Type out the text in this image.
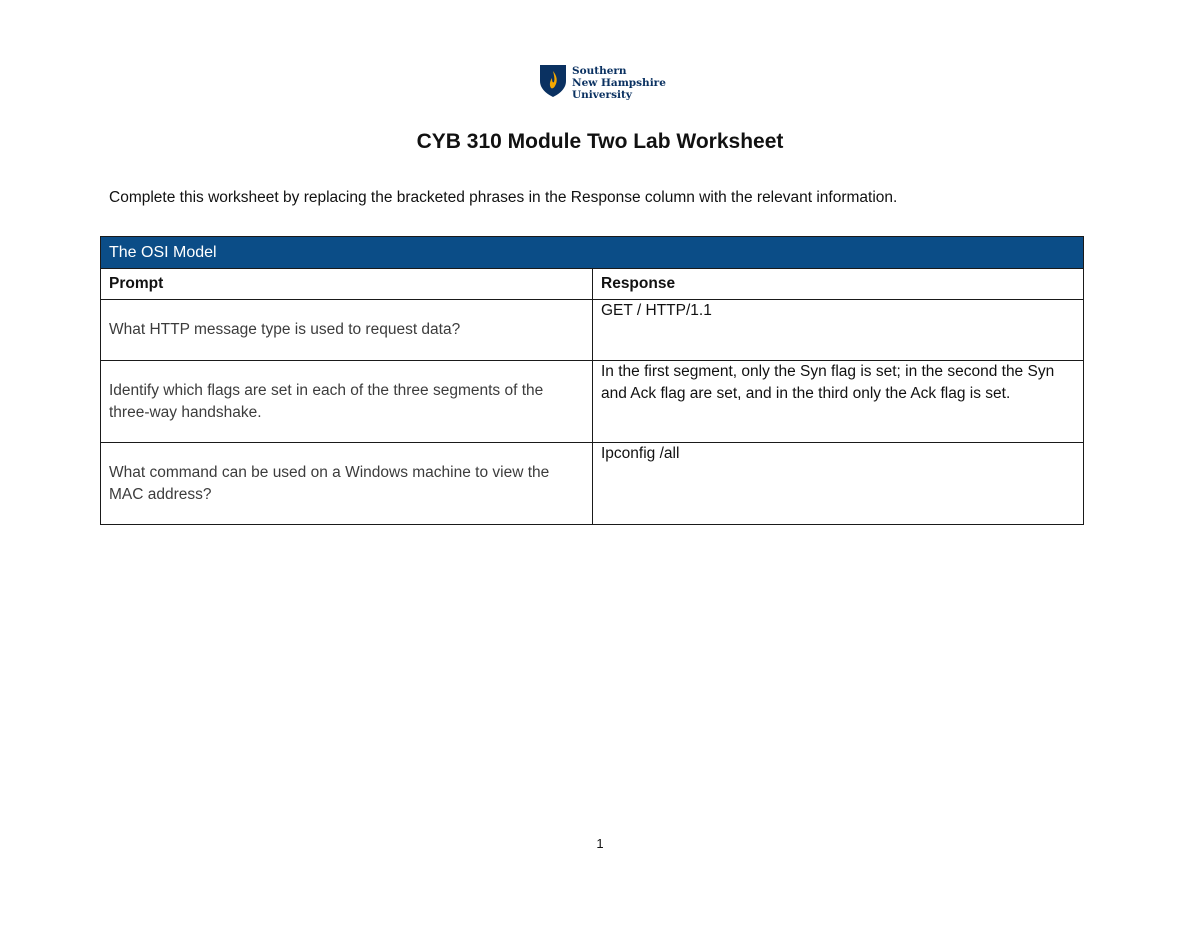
Southern
New Hampshire
University
CYB 310 Module Two Lab Worksheet
Complete this worksheet by replacing the bracketed phrases in the Response column with the relevant information.
The OSI Model	
Prompt	Response
What HTTP message type is used to request data?	GET / HTTP/1.1
Identify which flags are set in each of the three segments of the three-way handshake.	In the first segment, only the Syn flag is set; in the second the Syn and Ack flag are set, and in the third only the Ack flag is set.
What command can be used on a Windows machine to view the MAC address?	Ipconfig /all
1
